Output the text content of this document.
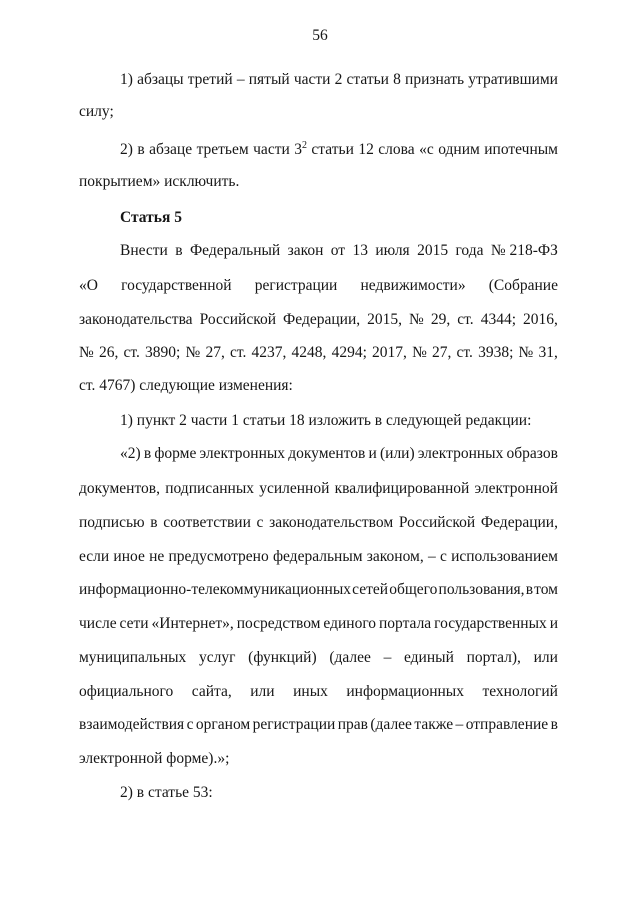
56
1) абзацы третий – пятый части 2 статьи 8 признать утратившими
силу;
2) в абзаце третьем части $3^2$ статьи 12 слова «с одним ипотечным
покрытием» исключить.
Статья 5
Внести в Федеральный закон от 13 июля 2015 года № 218-ФЗ
«О государственной регистрации недвижимости» (Собрание
законодательства Российской Федерации, 2015, № 29, ст. 4344; 2016,
№ 26, ст. 3890; № 27, ст. 4237, 4248, 4294; 2017, № 27, ст. 3938; № 31,
ст. 4767) следующие изменения:
1) пункт 2 части 1 статьи 18 изложить в следующей редакции:
«2) в форме электронных документов и (или) электронных образов
документов, подписанных усиленной квалифицированной электронной
подписью в соответствии с законодательством Российской Федерации,
если иное не предусмотрено федеральным законом, – с использованием
информационно-телекоммуникационных сетей общего пользования, в том
числе сети «Интернет», посредством единого портала государственных и
муниципальных услуг (функций) (далее – единый портал), или
официального сайта, или иных информационных технологий
взаимодействия с органом регистрации прав (далее также – отправление в
электронной форме).»;
2) в статье 53:
